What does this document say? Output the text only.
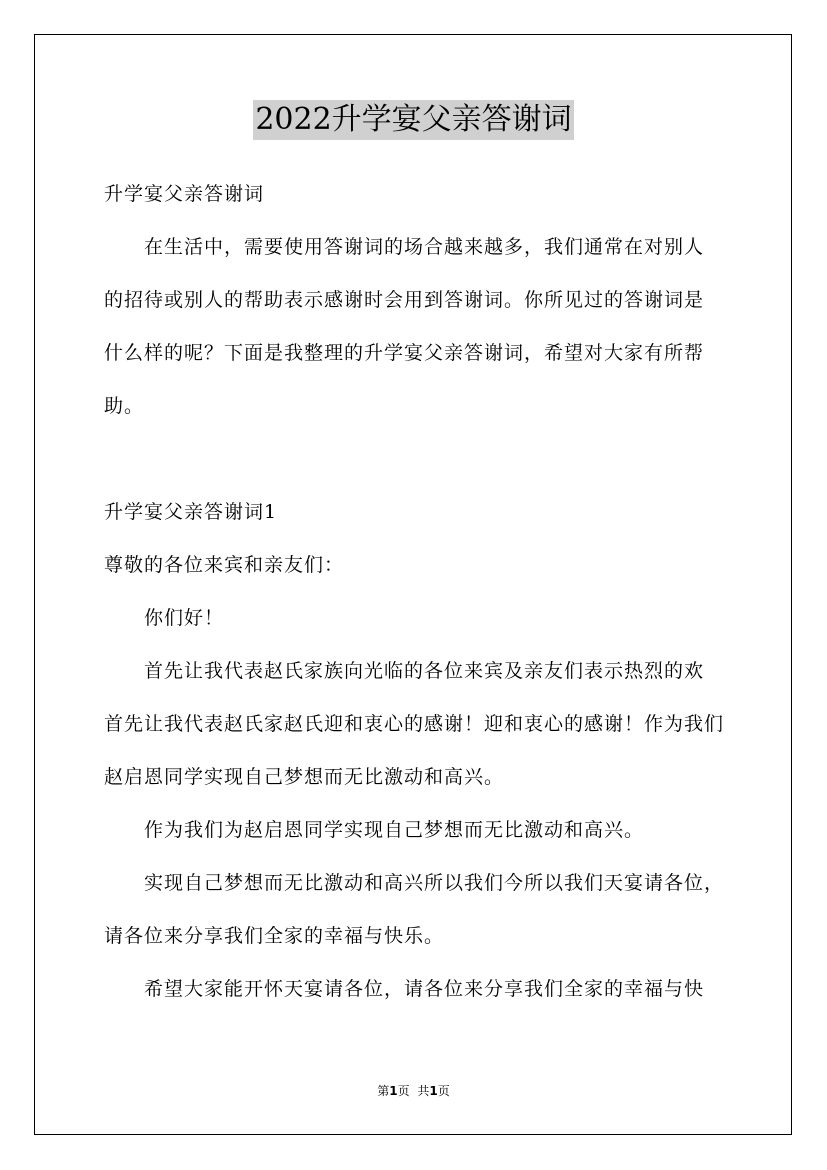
2022升学宴父亲答谢词
升学宴父亲答谢词
在生活中，需要使用答谢词的场合越来越多，我们通常在对别人
的招待或别人的帮助表示感谢时会用到答谢词。你所见过的答谢词是
什么样的呢？下面是我整理的升学宴父亲答谢词，希望对大家有所帮
助。
升学宴父亲答谢词1
尊敬的各位来宾和亲友们：
你们好！
首先让我代表赵氏家族向光临的各位来宾及亲友们表示热烈的欢
首先让我代表赵氏家赵氏迎和衷心的感谢！迎和衷心的感谢！作为我们
赵启恩同学实现自己梦想而无比激动和高兴。
作为我们为赵启恩同学实现自己梦想而无比激动和高兴。
实现自己梦想而无比激动和高兴所以我们今所以我们天宴请各位，
请各位来分享我们全家的幸福与快乐。
希望大家能开怀天宴请各位，请各位来分享我们全家的幸福与快
第1页 共1页
